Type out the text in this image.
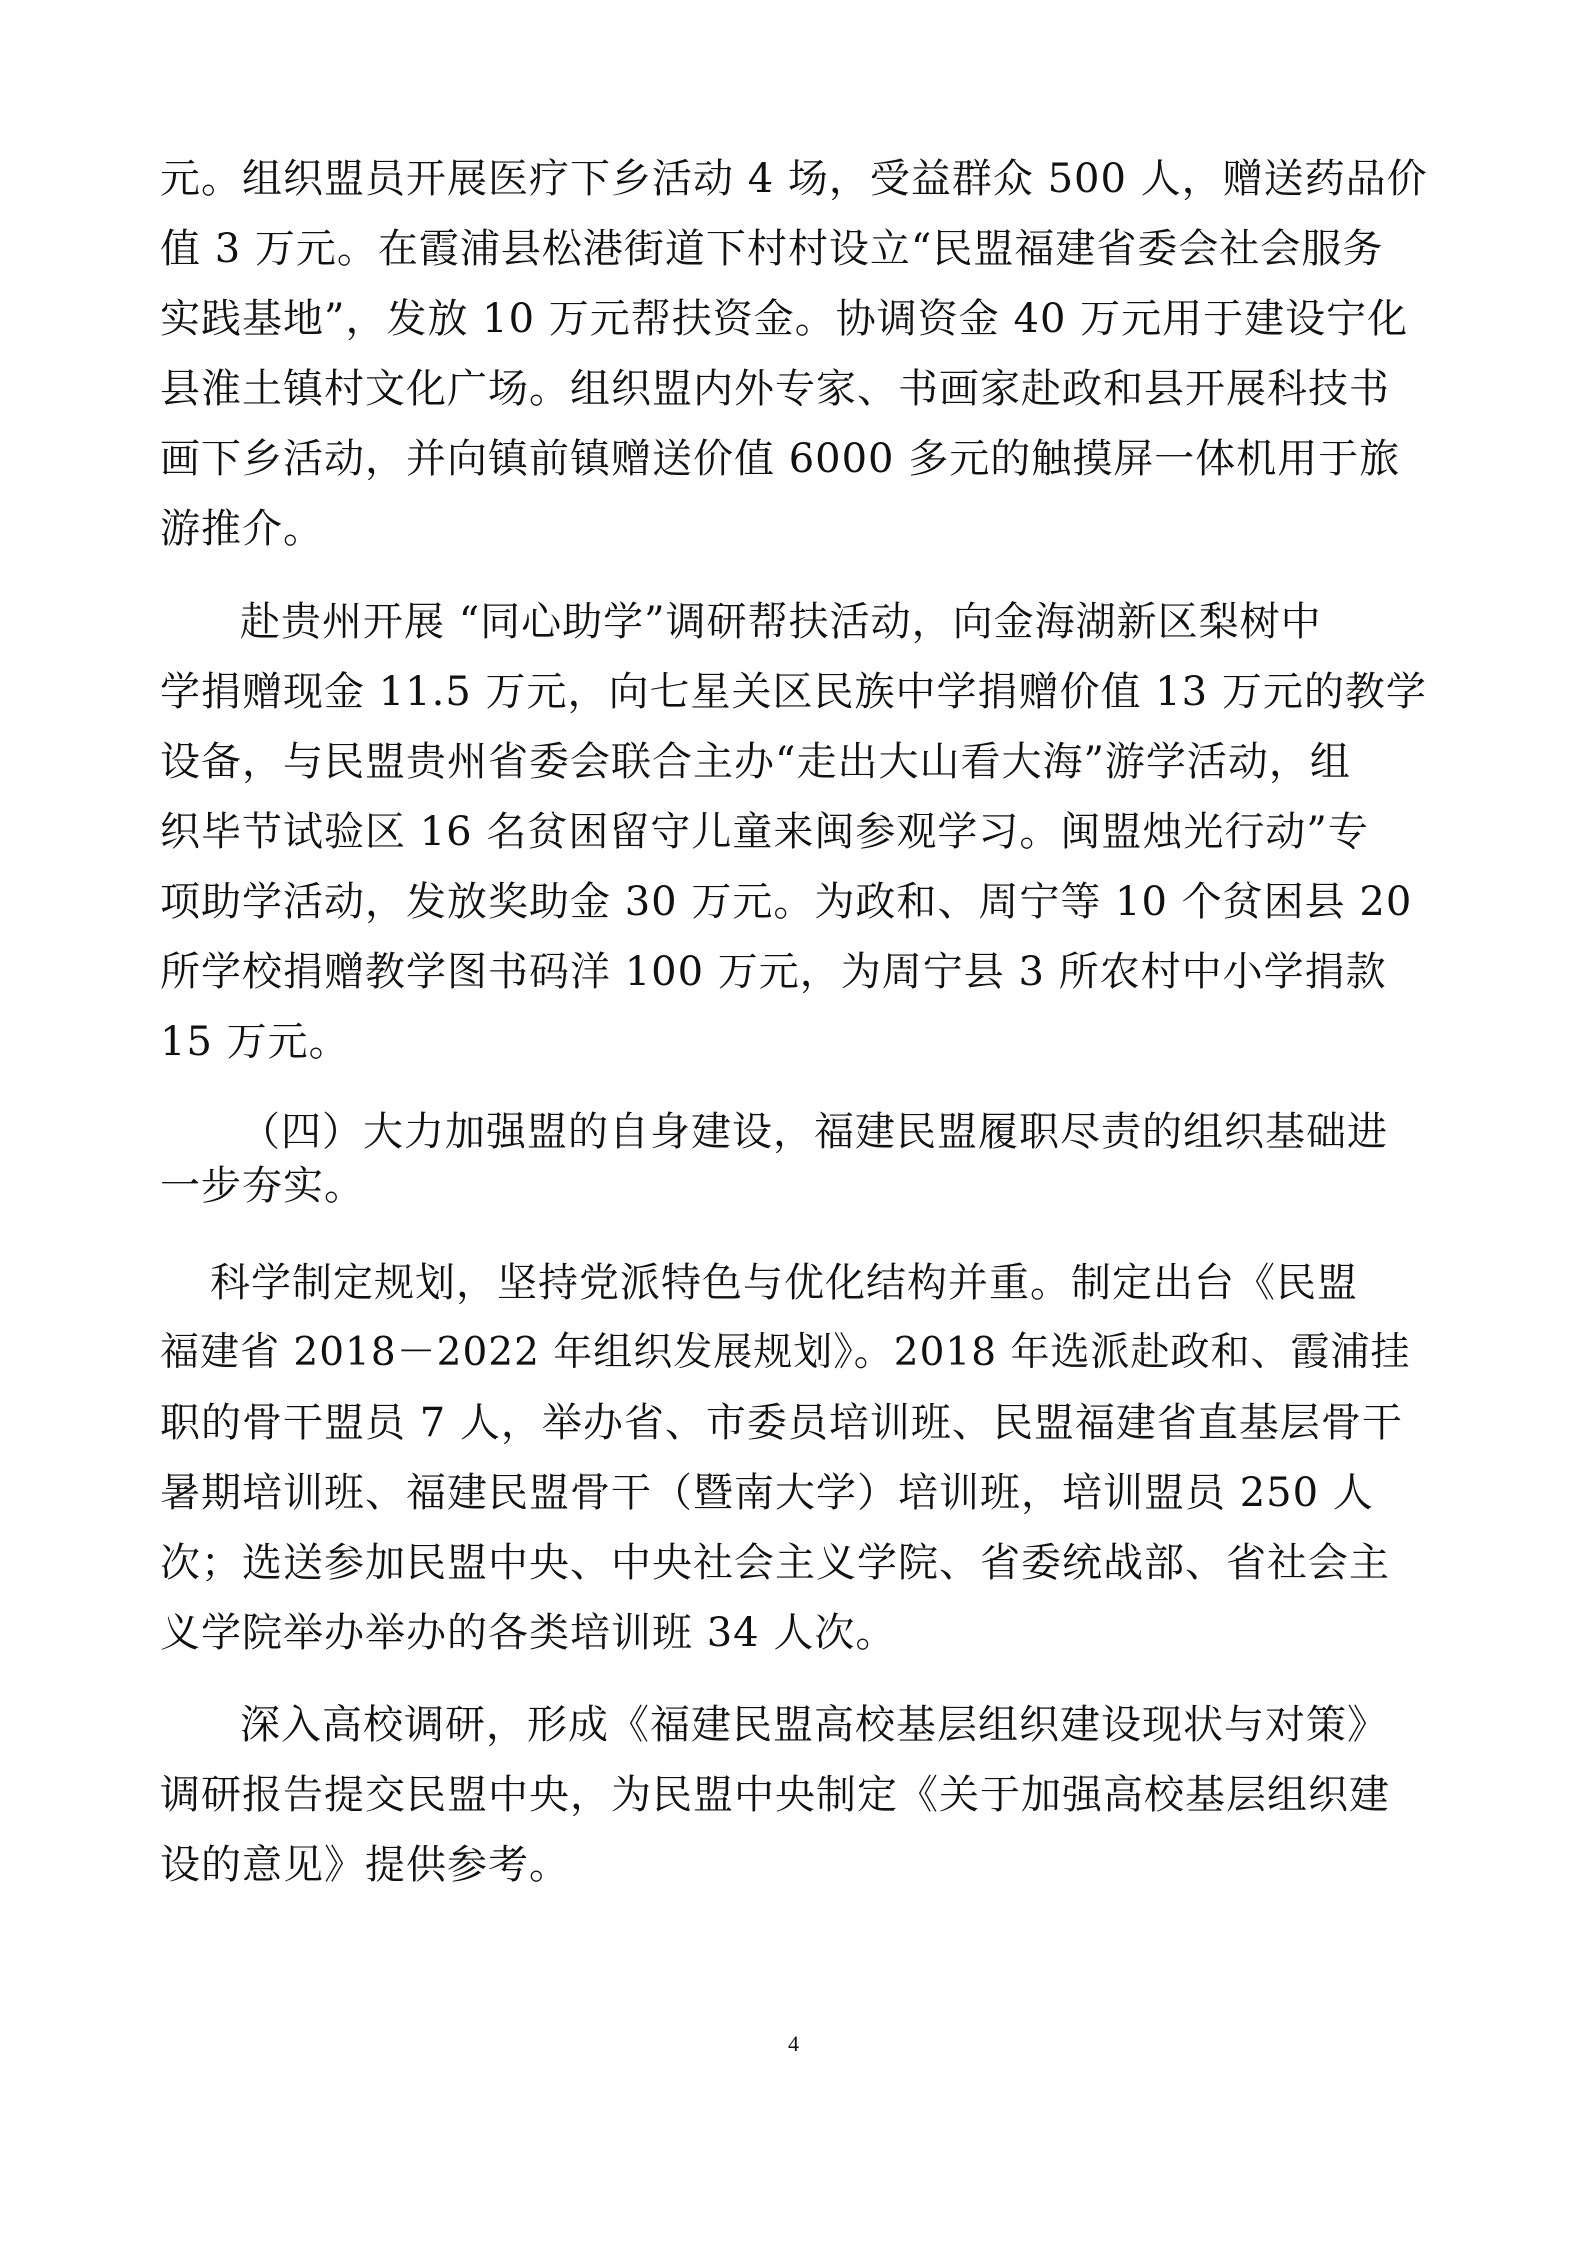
元。组织盟员开展医疗下乡活动 4 场，受益群众 500 人，赠送药品价
值 3 万元。在霞浦县松港街道下村村设立“民盟福建省委会社会服务
实践基地”，发放 10 万元帮扶资金。协调资金 40 万元用于建设宁化
县淮土镇村文化广场。组织盟内外专家、书画家赴政和县开展科技书
画下乡活动，并向镇前镇赠送价值 6000 多元的触摸屏一体机用于旅
游推介。
赴贵州开展 “同心助学”调研帮扶活动，向金海湖新区梨树中
学捐赠现金 11.5 万元，向七星关区民族中学捐赠价值 13 万元的教学
设备，与民盟贵州省委会联合主办“走出大山看大海”游学活动，组
织毕节试验区 16 名贫困留守儿童来闽参观学习。闽盟烛光行动”专
项助学活动，发放奖助金 30 万元。为政和、周宁等 10 个贫困县 20
所学校捐赠教学图书码洋 100 万元，为周宁县 3 所农村中小学捐款
15 万元。
（四）大力加强盟的自身建设，福建民盟履职尽责的组织基础进
一步夯实。
科学制定规划，坚持党派特色与优化结构并重。制定出台《民盟
福建省 2018－2022 年组织发展规划》。2018 年选派赴政和、霞浦挂
职的骨干盟员 7 人，举办省、市委员培训班、民盟福建省直基层骨干
暑期培训班、福建民盟骨干（暨南大学）培训班，培训盟员 250 人
次；选送参加民盟中央、中央社会主义学院、省委统战部、省社会主
义学院举办举办的各类培训班 34 人次。
深入高校调研，形成《福建民盟高校基层组织建设现状与对策》
调研报告提交民盟中央，为民盟中央制定《关于加强高校基层组织建
设的意见》提供参考。
4
